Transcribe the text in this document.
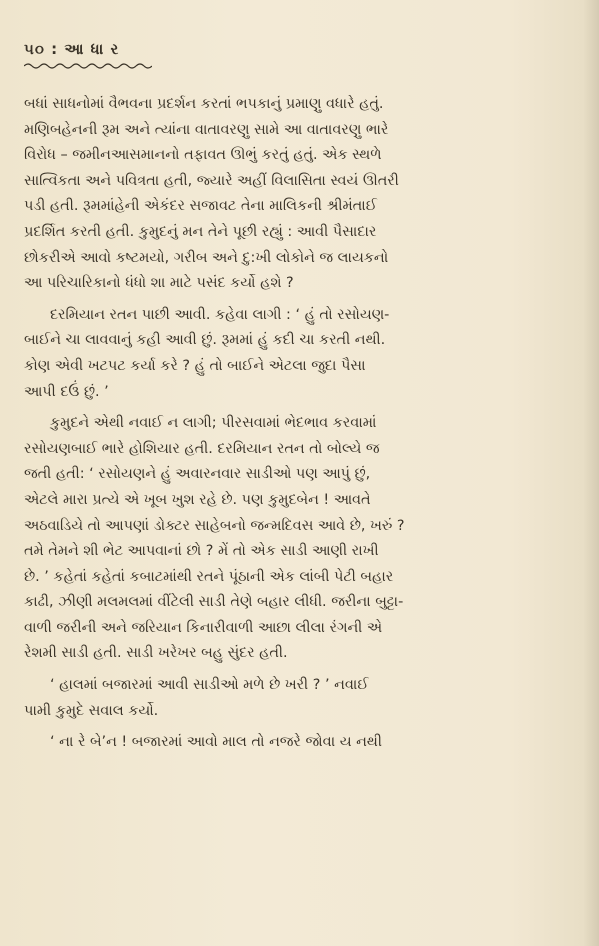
૫૦ : આ ધા ર

બધાં સાધનોમાં વૈભવના પ્રદર્શન કરતાં ભપકાનું પ્રમાણુ વધારે હતું.
મણિબહેનની રૂમ અને ત્યાંના વાતાવરણુ સામે આ વાતાવરણુ ભારે
વિરોધ – જમીનઆસમાનનો તફાવત ઊભું કરતું હતું. એક સ્થળે
સાત્વિકતા અને પવિત્રતા હતી, જ્યારે અહીં વિલાસિતા સ્વયં ઊતરી
પડી હતી. રૂમમાંહેની એકંદર સજાવટ તેના માલિકની શ્રીમંતાઈ
પ્રદર્શિત કરતી હતી. કુમુદનું મન તેને પૂછી રહ્યું : આવી પૈસાદાર
છોકરીએ આવો કષ્ટમયો, ગરીબ અને દુ:ખી લોકોને જ લાયકનો
આ પરિચારિકાનો ધંધો શા માટે પસંદ કર્યો હશે ?

દરમિયાન રતન પાછી આવી. કહેવા લાગી : ‘ હું તો રસોયણ-
બાઈને ચા લાવવાનું કહી આવી છું. રૂમમાં હું કદી ચા કરતી નથી.
કોણ એવી ખટપટ કર્યા કરે ? હું તો બાઈને એટલા જુદા પૈસા
આપી દઉં છું. ’

કુમુદને એથી નવાઈ ન લાગી; પીરસવામાં ભેદભાવ કરવામાં
રસોયણબાઈ ભારે હોશિયાર હતી. દરમિયાન રતન તો બોલ્યે જ
જતી હતી: ‘ રસોયણને હું અવારનવાર સાડીઓ પણ આપું છું,
એટલે મારા પ્રત્યે એ ખૂબ ખુશ રહે છે. પણ કુમુદબેન ! આવતે
અઠવાડિયે તો આપણાં ડોક્ટર સાહેબનો જન્મદિવસ આવે છે, ખરું ?
તમે તેમને શી ભેટ આપવાનાં છો ? મેં તો એક સાડી આણી રાખી
છે. ’ કહેતાં કહેતાં કબાટમાંથી રતને પૂંઠાની એક લાંબી પેટી બહાર
કાઢી, ઝીણી મલમલમાં વીંટેલી સાડી તેણે બહાર લીધી. જરીના બુટ્ટા-
વાળી જરીની અને જરિયાન કિનારીવાળી આછા લીલા રંગની એ
રેશમી સાડી હતી. સાડી ખરેખર બહુ સુંદર હતી.

‘ હાલમાં બજારમાં આવી સાડીઓ મળે છે ખરી ? ’ નવાઈ
પામી કુમુદે સવાલ કર્યો.

‘ ના રે બે’ન ! બજારમાં આવો માલ તો નજરે જોવા ય નથી
